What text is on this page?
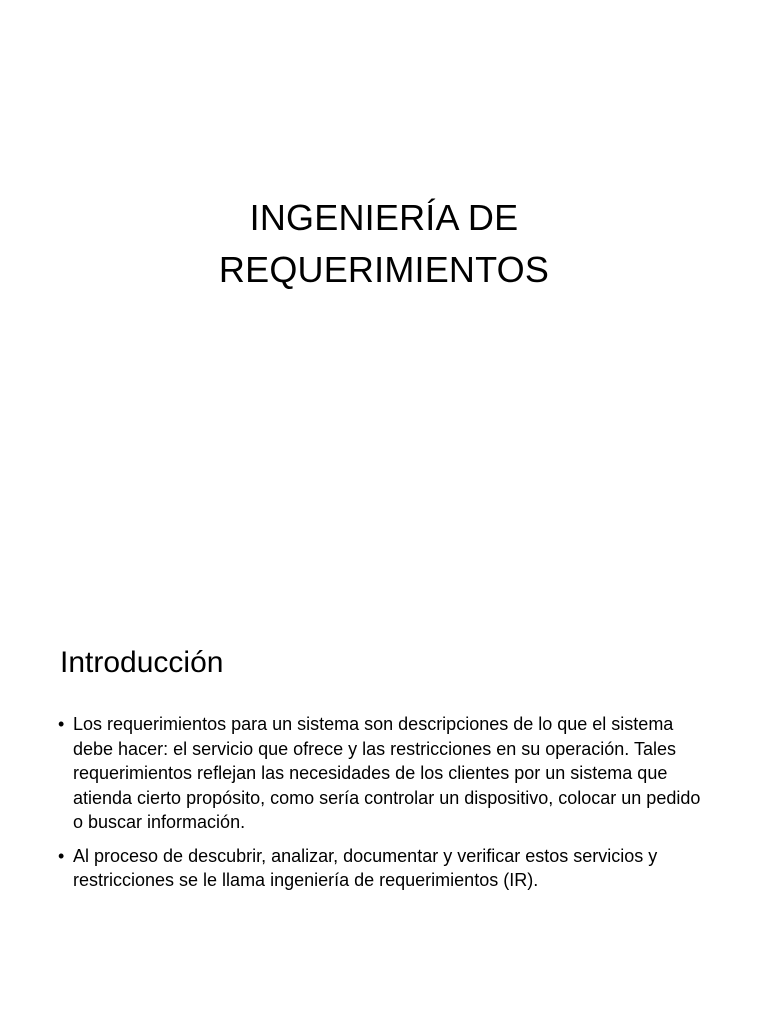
INGENIERÍA DE
REQUERIMIENTOS
Introducción
• Los requerimientos para un sistema son descripciones de lo que el sistema debe hacer: el servicio que ofrece y las restricciones en su operación. Tales requerimientos reflejan las necesidades de los clientes por un sistema que atienda cierto propósito, como sería controlar un dispositivo, colocar un pedido o buscar información.
• Al proceso de descubrir, analizar, documentar y verificar estos servicios y restricciones se le llama ingeniería de requerimientos (IR).
